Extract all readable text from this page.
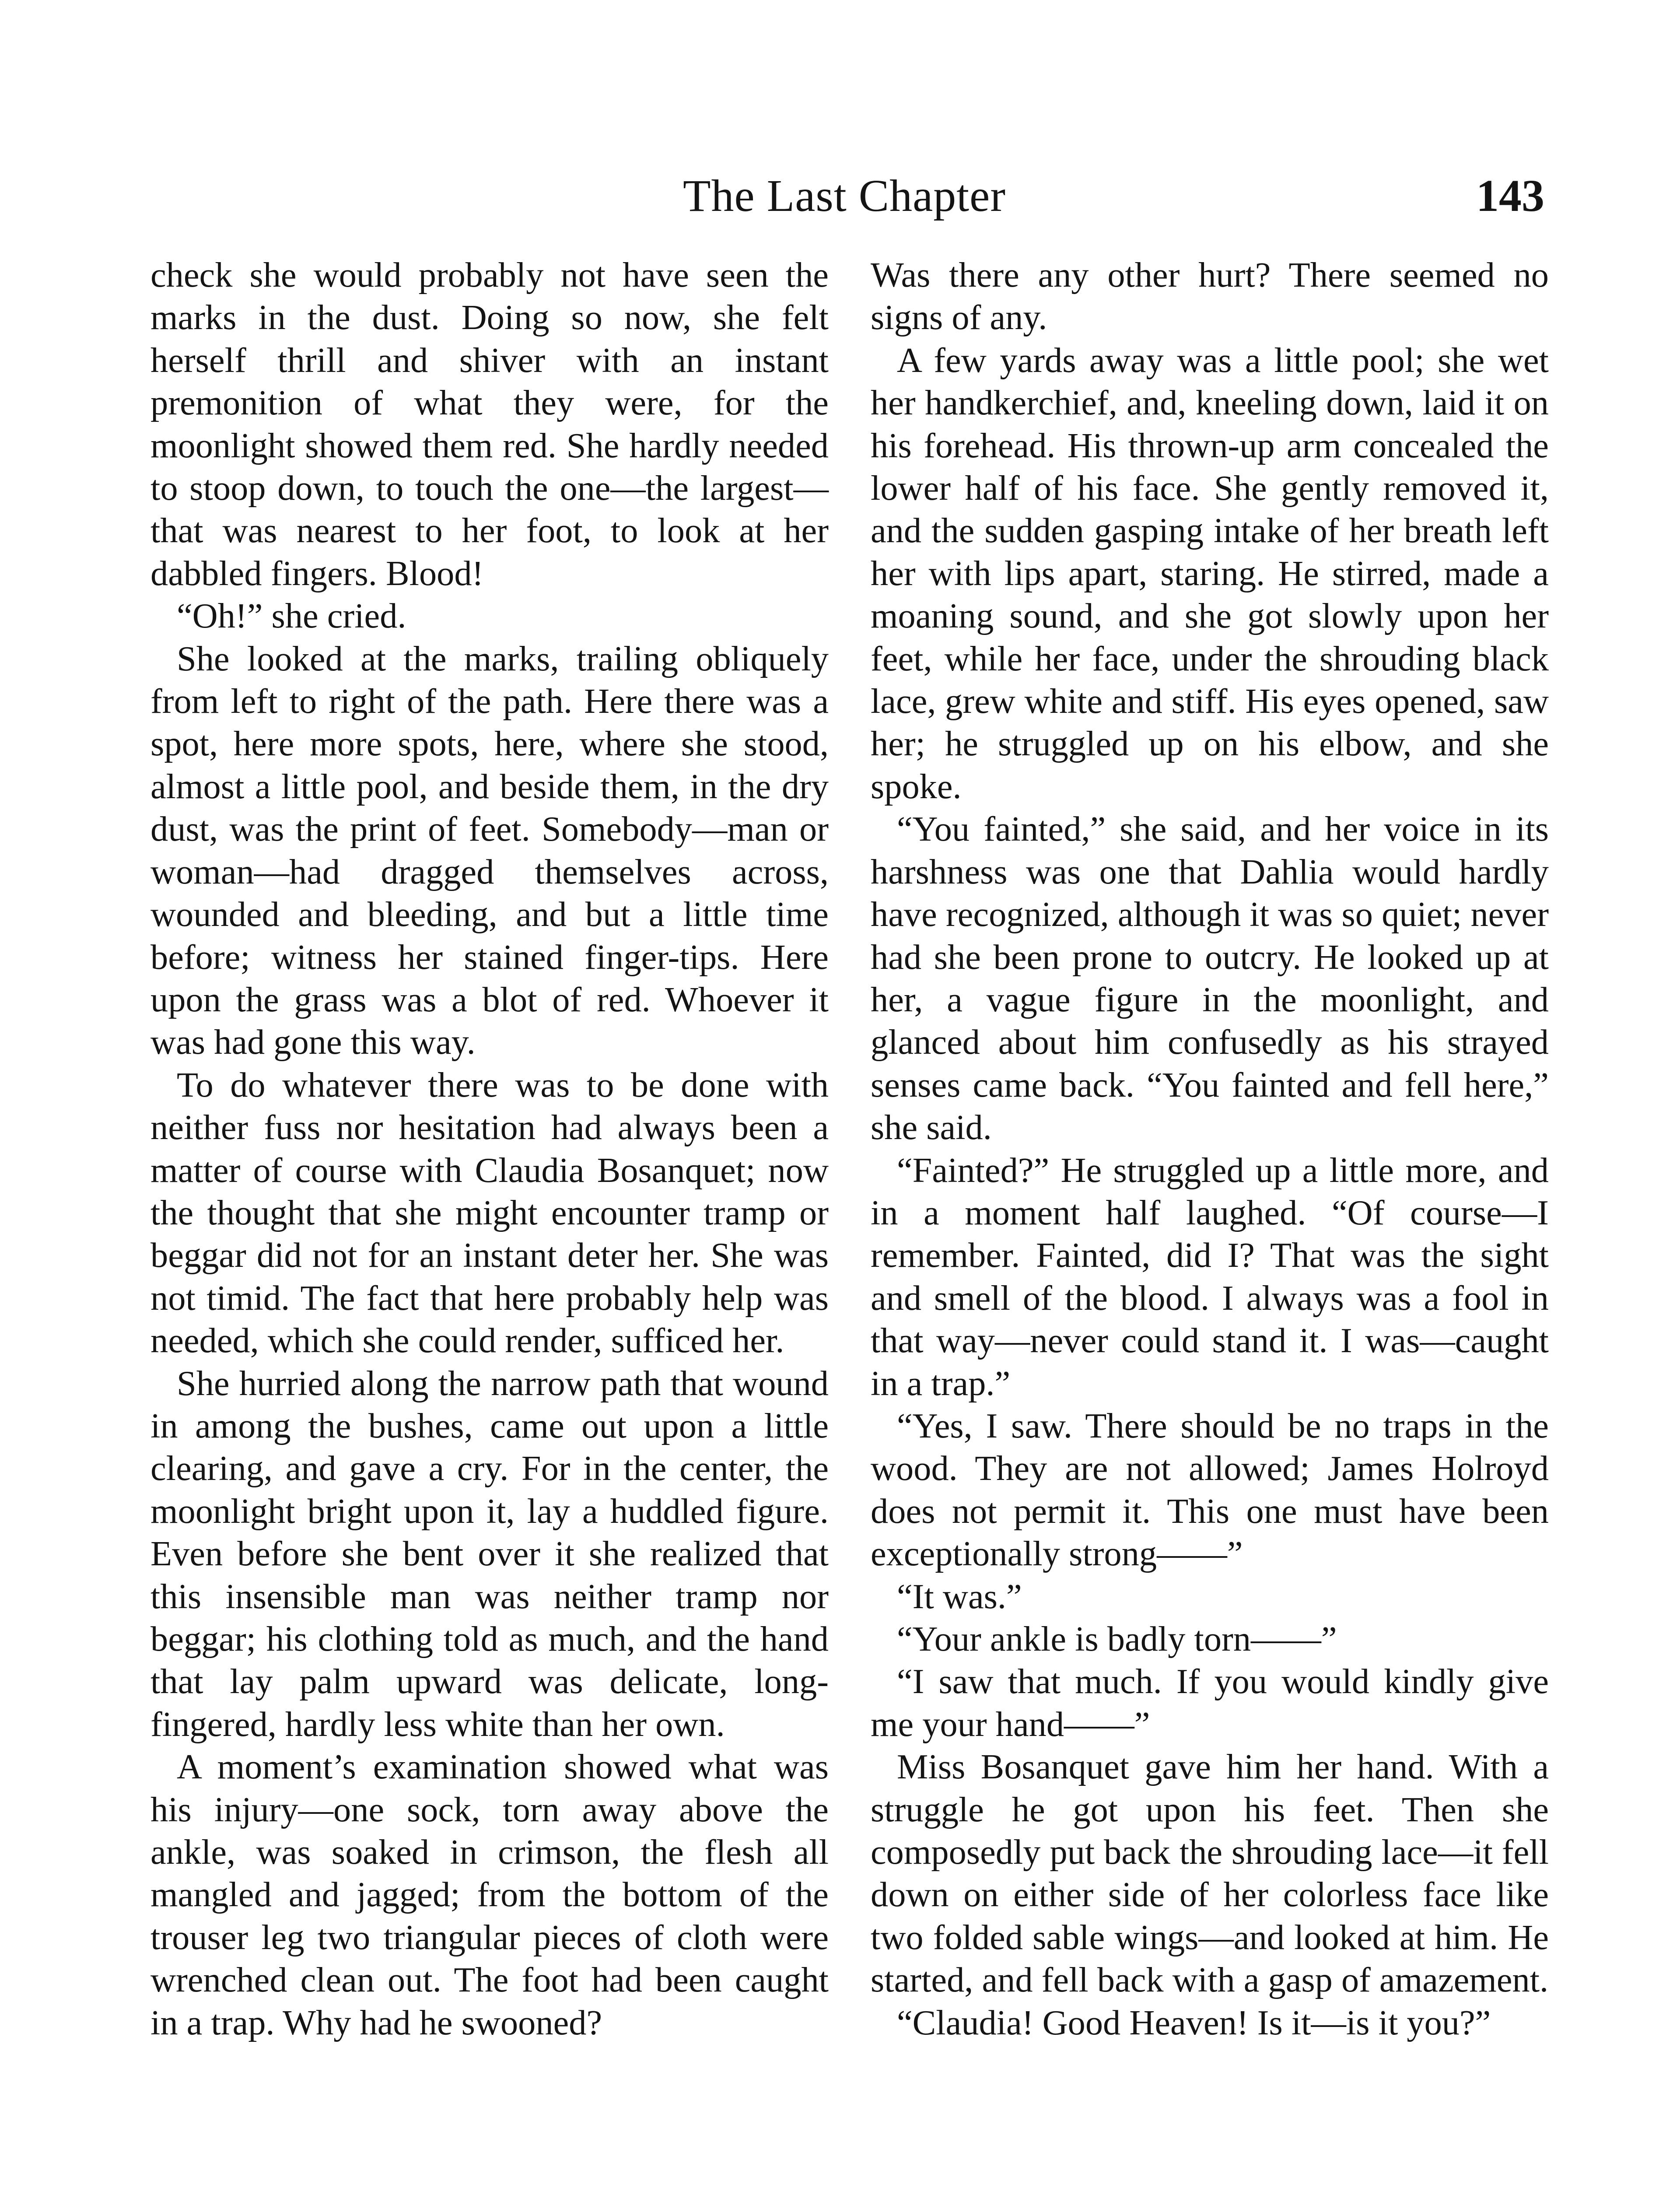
The Last Chapter	143

check she would probably not have seen the marks in the dust. Doing so now, she felt herself thrill and shiver with an instant premonition of what they were, for the moonlight showed them red. She hardly needed to stoop down, to touch the one—the largest—that was nearest to her foot, to look at her dabbled fingers. Blood!

“Oh!” she cried.

She looked at the marks, trailing obliquely from left to right of the path. Here there was a spot, here more spots, here, where she stood, almost a little pool, and beside them, in the dry dust, was the print of feet. Somebody—man or woman—had dragged themselves across, wounded and bleeding, and but a little time before; witness her stained finger-tips. Here upon the grass was a blot of red. Whoever it was had gone this way.

To do whatever there was to be done with neither fuss nor hesitation had always been a matter of course with Claudia Bosanquet; now the thought that she might encounter tramp or beggar did not for an instant deter her. She was not timid. The fact that here probably help was needed, which she could render, sufficed her.

She hurried along the narrow path that wound in among the bushes, came out upon a little clearing, and gave a cry. For in the center, the moonlight bright upon it, lay a huddled figure. Even before she bent over it she realized that this insensible man was neither tramp nor beggar; his clothing told as much, and the hand that lay palm upward was delicate, long-fingered, hardly less white than her own.

A moment’s examination showed what was his injury—one sock, torn away above the ankle, was soaked in crimson, the flesh all mangled and jagged; from the bottom of the trouser leg two triangular pieces of cloth were wrenched clean out. The foot had been caught in a trap. Why had he swooned?

Was there any other hurt? There seemed no signs of any.

A few yards away was a little pool; she wet her handkerchief, and, kneeling down, laid it on his forehead. His thrown-up arm concealed the lower half of his face. She gently removed it, and the sudden gasping intake of her breath left her with lips apart, staring. He stirred, made a moaning sound, and she got slowly upon her feet, while her face, under the shrouding black lace, grew white and stiff. His eyes opened, saw her; he struggled up on his elbow, and she spoke.

“You fainted,” she said, and her voice in its harshness was one that Dahlia would hardly have recognized, although it was so quiet; never had she been prone to outcry. He looked up at her, a vague figure in the moonlight, and glanced about him confusedly as his strayed senses came back. “You fainted and fell here,” she said.

“Fainted?” He struggled up a little more, and in a moment half laughed. “Of course—I remember. Fainted, did I? That was the sight and smell of the blood. I always was a fool in that way—never could stand it. I was—caught in a trap.”

“Yes, I saw. There should be no traps in the wood. They are not allowed; James Holroyd does not permit it. This one must have been exceptionally strong——”

“It was.”

“Your ankle is badly torn——”

“I saw that much. If you would kindly give me your hand——”

Miss Bosanquet gave him her hand. With a struggle he got upon his feet. Then she composedly put back the shrouding lace—it fell down on either side of her colorless face like two folded sable wings—and looked at him. He started, and fell back with a gasp of amazement.

“Claudia! Good Heaven! Is it—is it you?”
